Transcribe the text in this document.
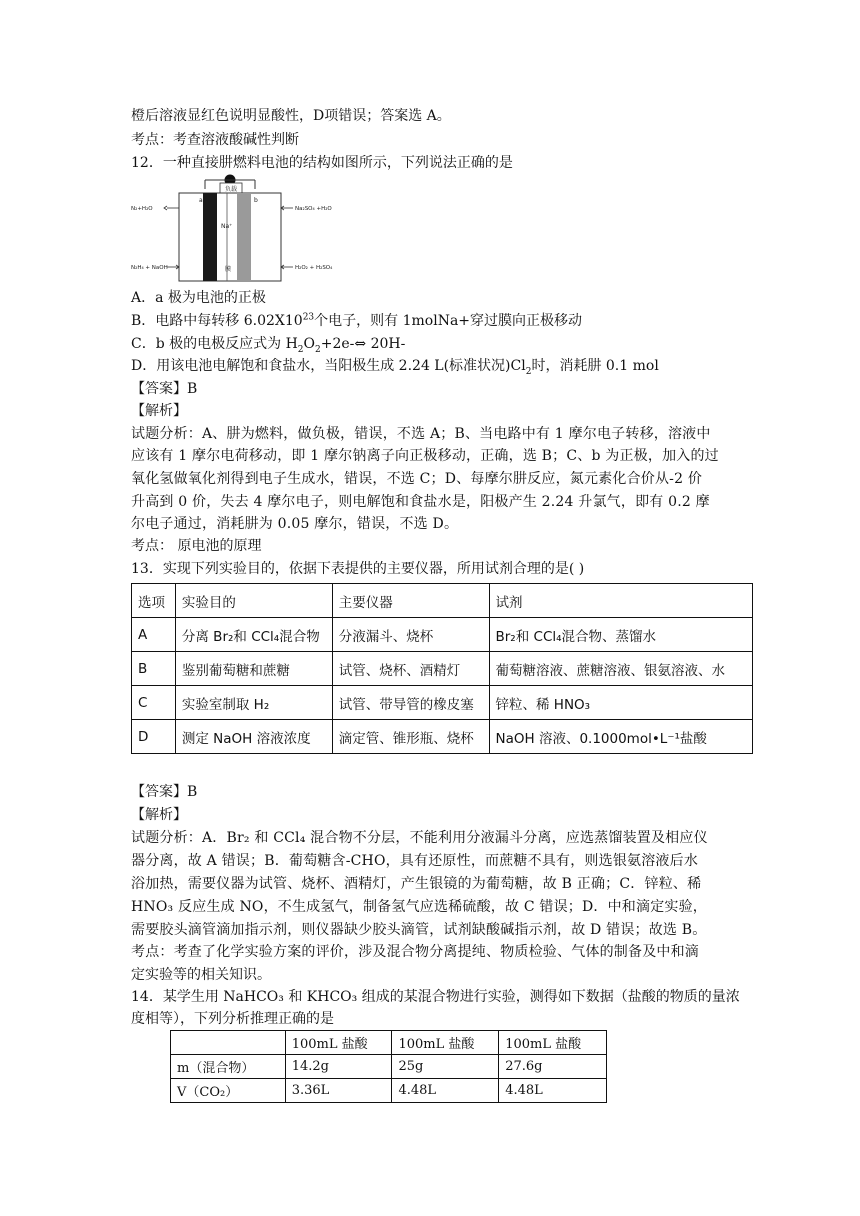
橙后溶液显红色说明显酸性，D项错误；答案选 A。
考点：考查溶液酸碱性判断
12．一种直接肼燃料电池的结构如图所示，下列说法正确的是
负载
a	b
Na⁺
膜
N₂+H₂O
N₂H₄ + NaOH
Na₂SO₄ +H₂O
H₂O₂ + H₂SO₄
A．a 极为电池的正极
B．电路中每转移 $6.02X10^{23}$个电子，则有 1molNa+穿过膜向正极移动
C．b 极的电极反应式为 $H_2O_2+2e-\Leftrightarrow$ 20H-
D．用该电池电解饱和食盐水，当阳极生成 2.24 L(标准状况)$Cl_2$时，消耗肼 0.1 mol
【答案】B
【解析】
试题分析：A、肼为燃料，做负极，错误，不选 A；B、当电路中有 1 摩尔电子转移，溶液中
应该有 1 摩尔电荷移动，即 1 摩尔钠离子向正极移动，正确，选 B；C、b 为正极，加入的过
氧化氢做氧化剂得到电子生成水，错误，不选 C；D、每摩尔肼反应，氮元素化合价从-2 价
升高到 0 价，失去 4 摩尔电子，则电解饱和食盐水是，阳极产生 2.24 升氯气，即有 0.2 摩
尔电子通过，消耗肼为 0.05 摩尔，错误，不选 D。
考点： 原电池的原理
13．实现下列实验目的，依据下表提供的主要仪器，所用试剂合理的是( )
选项	实验目的	主要仪器	试剂
A	分离 Br₂和 CCl₄混合物	分液漏斗、烧杯	Br₂和 CCl₄混合物、蒸馏水
B	鉴别葡萄糖和蔗糖	试管、烧杯、酒精灯	葡萄糖溶液、蔗糖溶液、银氨溶液、水
C	实验室制取 H₂	试管、带导管的橡皮塞	锌粒、稀 HNO₃
D	测定 NaOH 溶液浓度	滴定管、锥形瓶、烧杯	NaOH 溶液、0.1000mol•L⁻¹盐酸
【答案】B
【解析】
试题分析：A．Br₂ 和 CCl₄ 混合物不分层，不能利用分液漏斗分离，应选蒸馏装置及相应仪
器分离，故 A 错误；B．葡萄糖含-CHO，具有还原性，而蔗糖不具有，则选银氨溶液后水
浴加热，需要仪器为试管、烧杯、酒精灯，产生银镜的为葡萄糖，故 B 正确；C．锌粒、稀
HNO₃ 反应生成 NO，不生成氢气，制备氢气应选稀硫酸，故 C 错误；D．中和滴定实验，
需要胶头滴管滴加指示剂，则仪器缺少胶头滴管，试剂缺酸碱指示剂，故 D 错误；故选 B。
考点：考查了化学实验方案的评价，涉及混合物分离提纯、物质检验、气体的制备及中和滴
定实验等的相关知识。
14．某学生用 NaHCO₃ 和 KHCO₃ 组成的某混合物进行实验，测得如下数据（盐酸的物质的量浓
度相等），下列分析推理正确的是
	100mL 盐酸	100mL 盐酸	100mL 盐酸
m（混合物）	14.2g	25g	27.6g
V（CO₂）	3.36L	4.48L	4.48L
